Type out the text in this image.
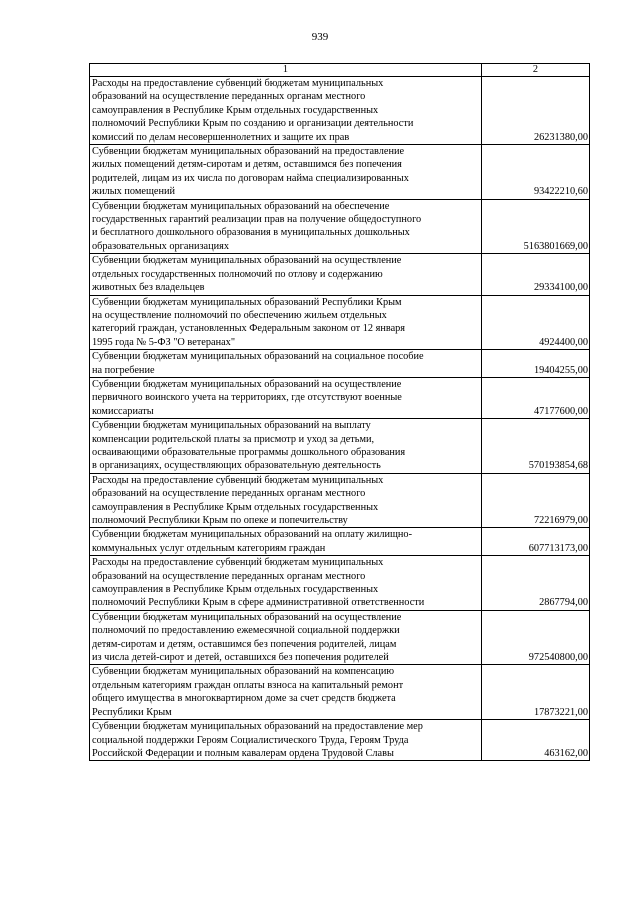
939
1	2
Расходы на предоставление субвенций бюджетам муниципальных
образований на осуществление переданных органам местного
самоуправления в Республике Крым отдельных государственных
полномочий Республики Крым по созданию и организации деятельности
комиссий по делам несовершеннолетних и защите их прав	26231380,00
Субвенции бюджетам муниципальных образований на предоставление
жилых помещений детям-сиротам и детям, оставшимся без попечения
родителей, лицам из их числа по договорам найма специализированных
жилых помещений	93422210,60
Субвенции бюджетам муниципальных образований на обеспечение
государственных гарантий реализации прав на получение общедоступного
и бесплатного дошкольного образования в муниципальных дошкольных
образовательных организациях	5163801669,00
Субвенции бюджетам муниципальных образований на осуществление
отдельных государственных полномочий по отлову и содержанию
животных без владельцев	29334100,00
Субвенции бюджетам муниципальных образований Республики Крым
на осуществление полномочий по обеспечению жильем отдельных
категорий граждан, установленных Федеральным законом от 12 января
1995 года № 5-ФЗ "О ветеранах"	4924400,00
Субвенции бюджетам муниципальных образований на социальное пособие
на погребение	19404255,00
Субвенции бюджетам муниципальных образований на осуществление
первичного воинского учета на территориях, где отсутствуют военные
комиссариаты	47177600,00
Субвенции бюджетам муниципальных образований на выплату
компенсации родительской платы за присмотр и уход за детьми,
осваивающими образовательные программы дошкольного образования
в организациях, осуществляющих образовательную деятельность	570193854,68
Расходы на предоставление субвенций бюджетам муниципальных
образований на осуществление переданных органам местного
самоуправления в Республике Крым отдельных государственных
полномочий Республики Крым по опеке и попечительству	72216979,00
Субвенции бюджетам муниципальных образований на оплату жилищно-
коммунальных услуг отдельным категориям граждан	607713173,00
Расходы на предоставление субвенций бюджетам муниципальных
образований на осуществление переданных органам местного
самоуправления в Республике Крым отдельных государственных
полномочий Республики Крым в сфере административной ответственности	2867794,00
Субвенции бюджетам муниципальных образований на осуществление
полномочий по предоставлению ежемесячной социальной поддержки
детям-сиротам и детям, оставшимся без попечения родителей, лицам
из числа детей-сирот и детей, оставшихся без попечения родителей	972540800,00
Субвенции бюджетам муниципальных образований на компенсацию
отдельным категориям граждан оплаты взноса на капитальный ремонт
общего имущества в многоквартирном доме за счет средств бюджета
Республики Крым	17873221,00
Субвенции бюджетам муниципальных образований на предоставление мер
социальной поддержки Героям Социалистического Труда, Героям Труда
Российской Федерации и полным кавалерам ордена Трудовой Славы	463162,00
